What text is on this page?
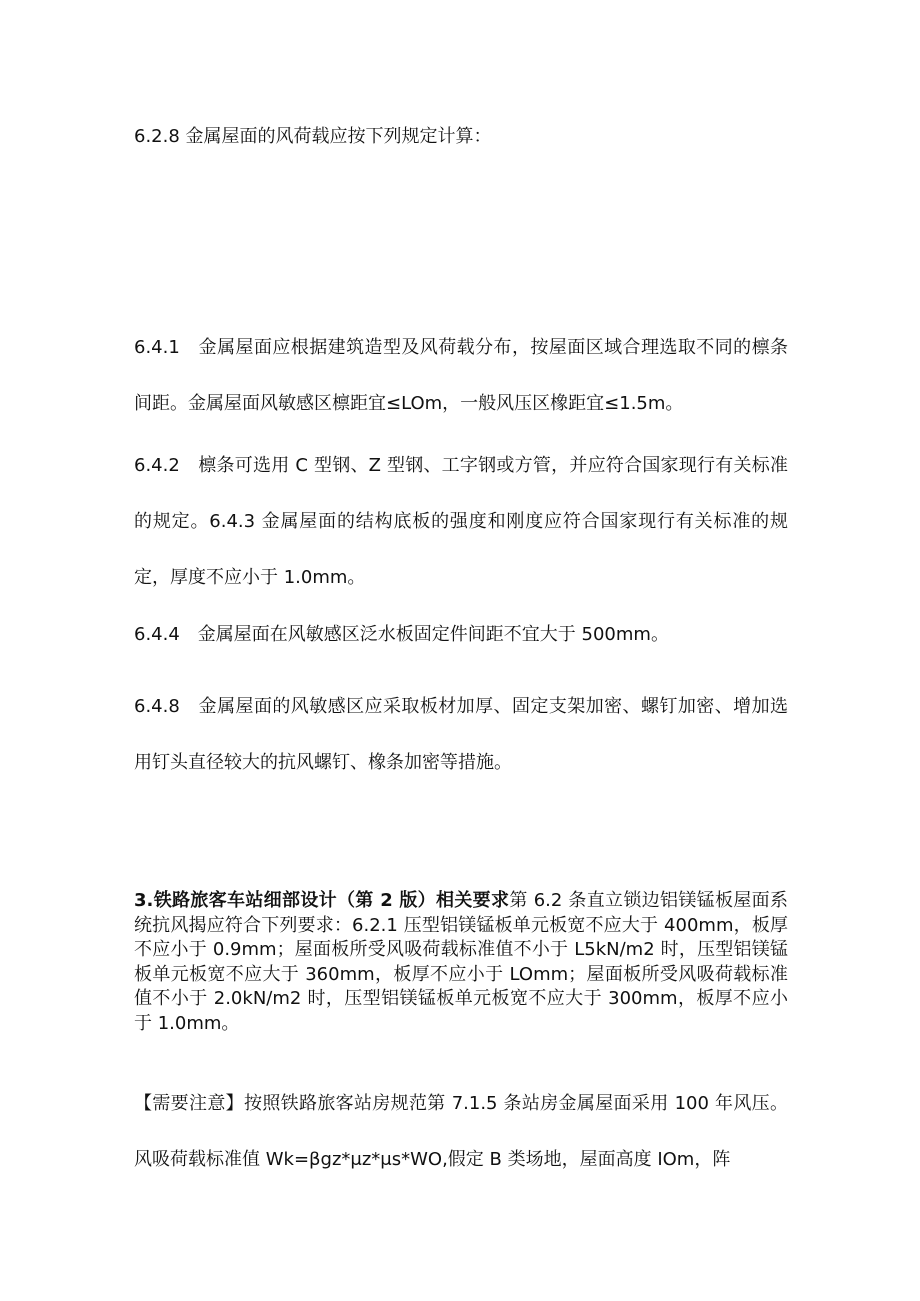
6.2.8 金属屋面的风荷载应按下列规定计算：

6.4.1　金属屋面应根据建筑造型及风荷载分布，按屋面区域合理选取不同的檩条间距。金属屋面风敏感区檩距宜≤LOm，一般风压区橡距宜≤1.5m。

6.4.2　檩条可选用 C 型钢、Z 型钢、工字钢或方管，并应符合国家现行有关标准的规定。6.4.3 金属屋面的结构底板的强度和刚度应符合国家现行有关标准的规定，厚度不应小于 1.0mm。

6.4.4　金属屋面在风敏感区泛水板固定件间距不宜大于 500mm。

6.4.8　金属屋面的风敏感区应采取板材加厚、固定支架加密、螺钉加密、增加选用钉头直径较大的抗风螺钉、橡条加密等措施。

3.铁路旅客车站细部设计（第 2 版）相关要求第 6.2 条直立锁边铝镁锰板屋面系统抗风揭应符合下列要求：6.2.1 压型铝镁锰板单元板宽不应大于 400mm，板厚不应小于 0.9mm；屋面板所受风吸荷载标准值不小于 L5kN∕m2 时，压型铝镁锰板单元板宽不应大于 360mm，板厚不应小于 LOmm；屋面板所受风吸荷载标准值不小于 2.0kN∕m2 时，压型铝镁锰板单元板宽不应大于 300mm，板厚不应小于 1.0mm。

【需要注意】按照铁路旅客站房规范第 7.1.5 条站房金属屋面采用 100 年风压。风吸荷载标准值 Wk=βgz*μz*μs*WO,假定 B 类场地，屋面高度 IOm，阵
